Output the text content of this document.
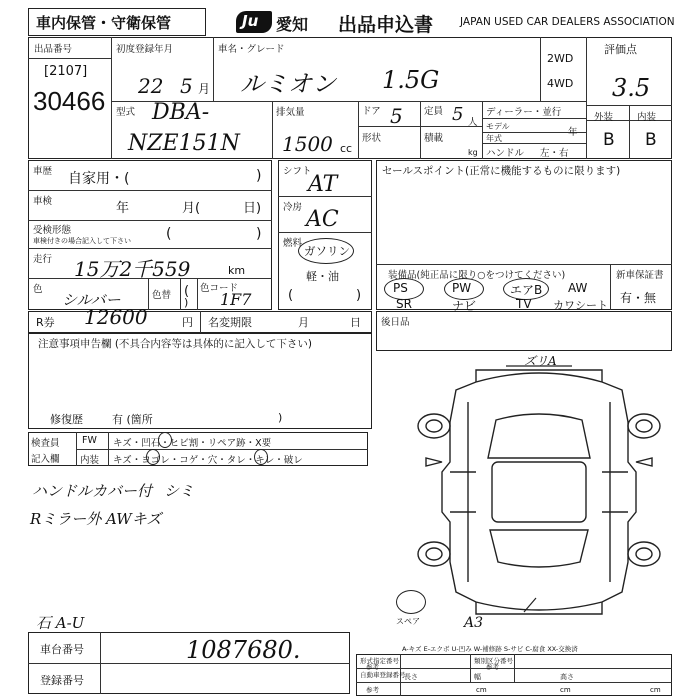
車内保管・守衛保管	Ju 愛知 出品申込書	JAPAN USED CAR DEALERS ASSOCIATION
出品番号
[2107]
30466
初度登録年月
22 5 月
車名・グレード
ルミオン 1.5G
2WD
4WD
評価点
3.5
外装	内装
B B
型式 DBA-
NZE151N
排気量
1500 cc
ドア 5 定員 5 人
形状	積載
kg
ディーラー・並行
モデル
年式
年
ハンドル 左・右
車歴 自家用・(	)
車検	年	月(	日)
受検形態
車検付きの場合記入して下さい	(	)
走行 15万2千559	km
色
シルバー	色替 (
)
色コード
1F7
シフト
AT
冷房 AC
燃料
ガソリン
軽・油
(	)
セールスポイント(正常に機能するものに限ります)
装備品(純正品に限り○をつけてください)
PS	PW	エアB AW
SR	ナビ	TV カワシート
新車保証書
有・無
R券 12600	円 名変期限	月	日 後日品
注意事項申告欄 (不具合内容等は具体的に記入して下さい)
修復歴	有 (箇所	)
検査員
記入欄
FW キズ・凹石・ヒビ割・リペア跡・X要
内装 キズ・ヨゴレ・コゲ・穴・タレ・キレ・破レ
ハンドルカバー付 シミ
Rミラー外 AWキズ
石 A-U
ズリA
A3
スペア
A-キズ E-エクボ U-凹み W-補修跡 S-サビ C-腐食 XX-交換済
車台番号	1087680.
登録番号
形式指定番号
参考
類別区分番号
参考
自動車登録番号
参考
長さ	幅	高さ
cm	cm	cm
